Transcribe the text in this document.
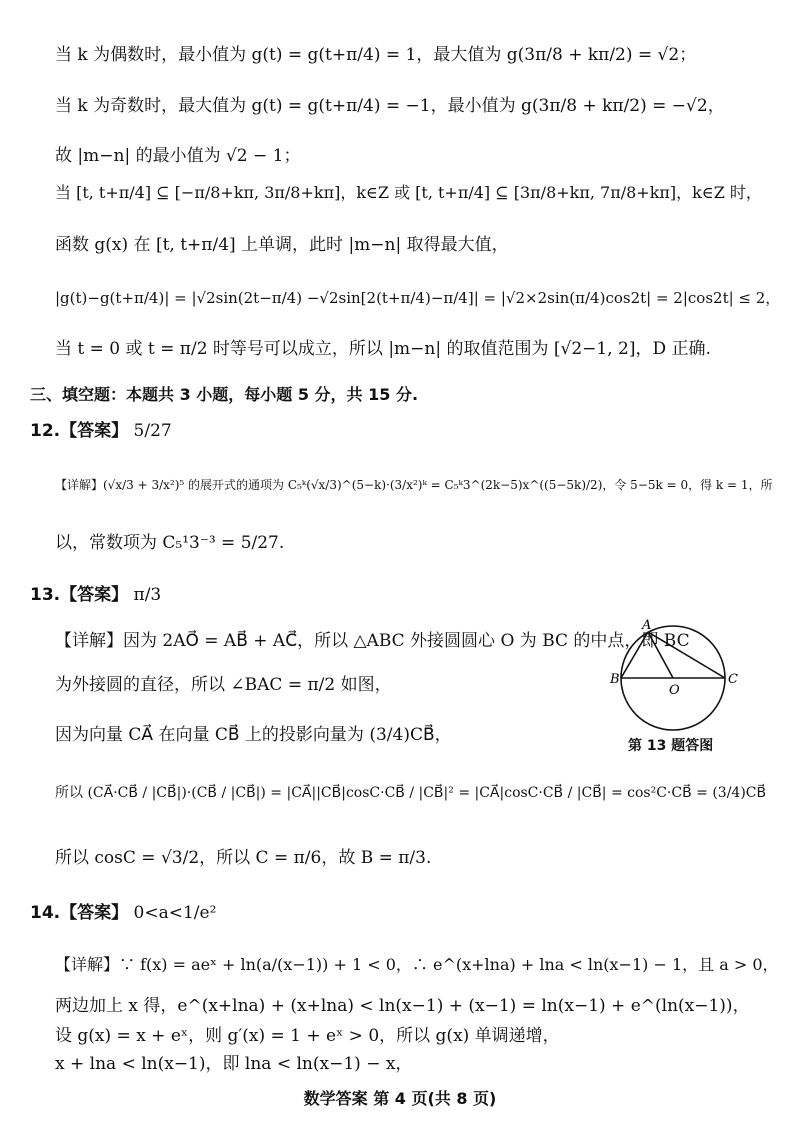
当 k 为偶数时，最小值为 g(t) = g(t+π/4) = 1，最大值为 g(3π/8 + kπ/2) = √2；
当 k 为奇数时，最大值为 g(t) = g(t+π/4) = −1，最小值为 g(3π/8 + kπ/2) = −√2，
故 |m−n| 的最小值为 √2 − 1；
当 [t, t+π/4] ⊆ [−π/8+kπ, 3π/8+kπ]，k∈Z 或 [t, t+π/4] ⊆ [3π/8+kπ, 7π/8+kπ]，k∈Z 时，
函数 g(x) 在 [t, t+π/4] 上单调，此时 |m−n| 取得最大值，
|g(t)−g(t+π/4)| = |√2sin(2t−π/4) −√2sin[2(t+π/4)−π/4]| = |√2×2sin(π/4)cos2t| = 2|cos2t| ≤ 2，
当 t = 0 或 t = π/2 时等号可以成立，所以 |m−n| 的取值范围为 [√2−1, 2]，D 正确.
三、填空题：本题共 3 小题，每小题 5 分，共 15 分.
12.【答案】 5/27
【详解】(√x/3 + 3/x²)⁵ 的展开式的通项为 C₅ᵏ(√x/3)^(5−k)·(3/x²)ᵏ = C₅ᵏ3^(2k−5)x^((5−5k)/2)，令 5−5k = 0，得 k = 1，所
以，常数项为 C₅¹3⁻³ = 5/27.
13.【答案】 π/3
【详解】因为 2AO⃗ = AB⃗ + AC⃗，所以 △ABC 外接圆圆心 O 为 BC 的中点，即 BC
为外接圆的直径，所以 ∠BAC = π/2 如图，
因为向量 CA⃗ 在向量 CB⃗ 上的投影向量为 (3/4)CB⃗，
所以 (CA⃗·CB⃗ / |CB⃗|)·(CB⃗ / |CB⃗|) = |CA⃗||CB⃗|cosC·CB⃗ / |CB⃗|² = |CA⃗|cosC·CB⃗ / |CB⃗| = cos²C·CB⃗ = (3/4)CB⃗
所以 cosC = √3/2，所以 C = π/6，故 B = π/3.
A
B	C
O
第 13 题答图
14.【答案】 0<a<1/e²
【详解】∵ f(x) = aeˣ + ln(a/(x−1)) + 1 < 0，∴ e^(x+lna) + lna < ln(x−1) − 1，且 a > 0，
两边加上 x 得，e^(x+lna) + (x+lna) < ln(x−1) + (x−1) = ln(x−1) + e^(ln(x−1))，
设 g(x) = x + eˣ，则 g′(x) = 1 + eˣ > 0，所以 g(x) 单调递增，
x + lna < ln(x−1)，即 lna < ln(x−1) − x，
数学答案 第 4 页(共 8 页)
